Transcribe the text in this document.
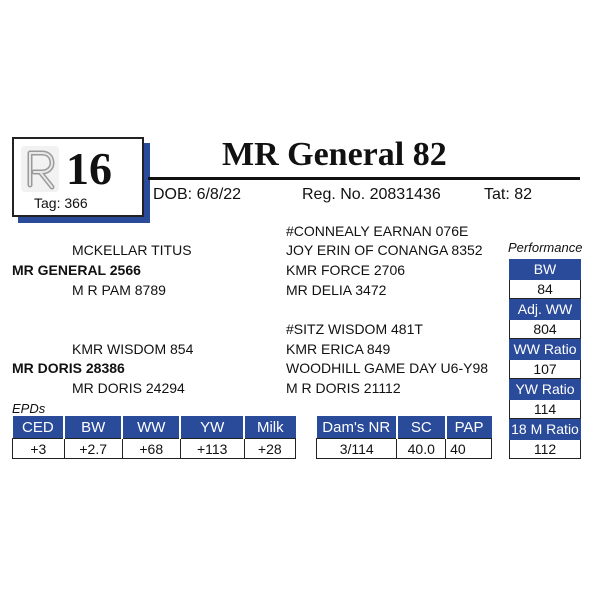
16
Tag: 366
MR General 82
DOB: 6/8/22	Reg. No. 20831436	Tat: 82
#CONNEALY EARNAN 076E
MCKELLAR TITUS	JOY ERIN OF CONANGA 8352
MR GENERAL 2566	KMR FORCE 2706
M R PAM 8789	MR DELIA 3472
#SITZ WISDOM 481T
KMR WISDOM 854	KMR ERICA 849
MR DORIS 28386	WOODHILL GAME DAY U6-Y98
MR DORIS 24294	M R DORIS 21112
Performance
BW
84
Adj. WW
804
WW Ratio
107
YW Ratio
114
18 M Ratio
112
EPDs
CED	BW	WW	YW	Milk
+3	+2.7	+68	+113	+28
Dam's NR	SC	PAP
3/114	40.0	40
